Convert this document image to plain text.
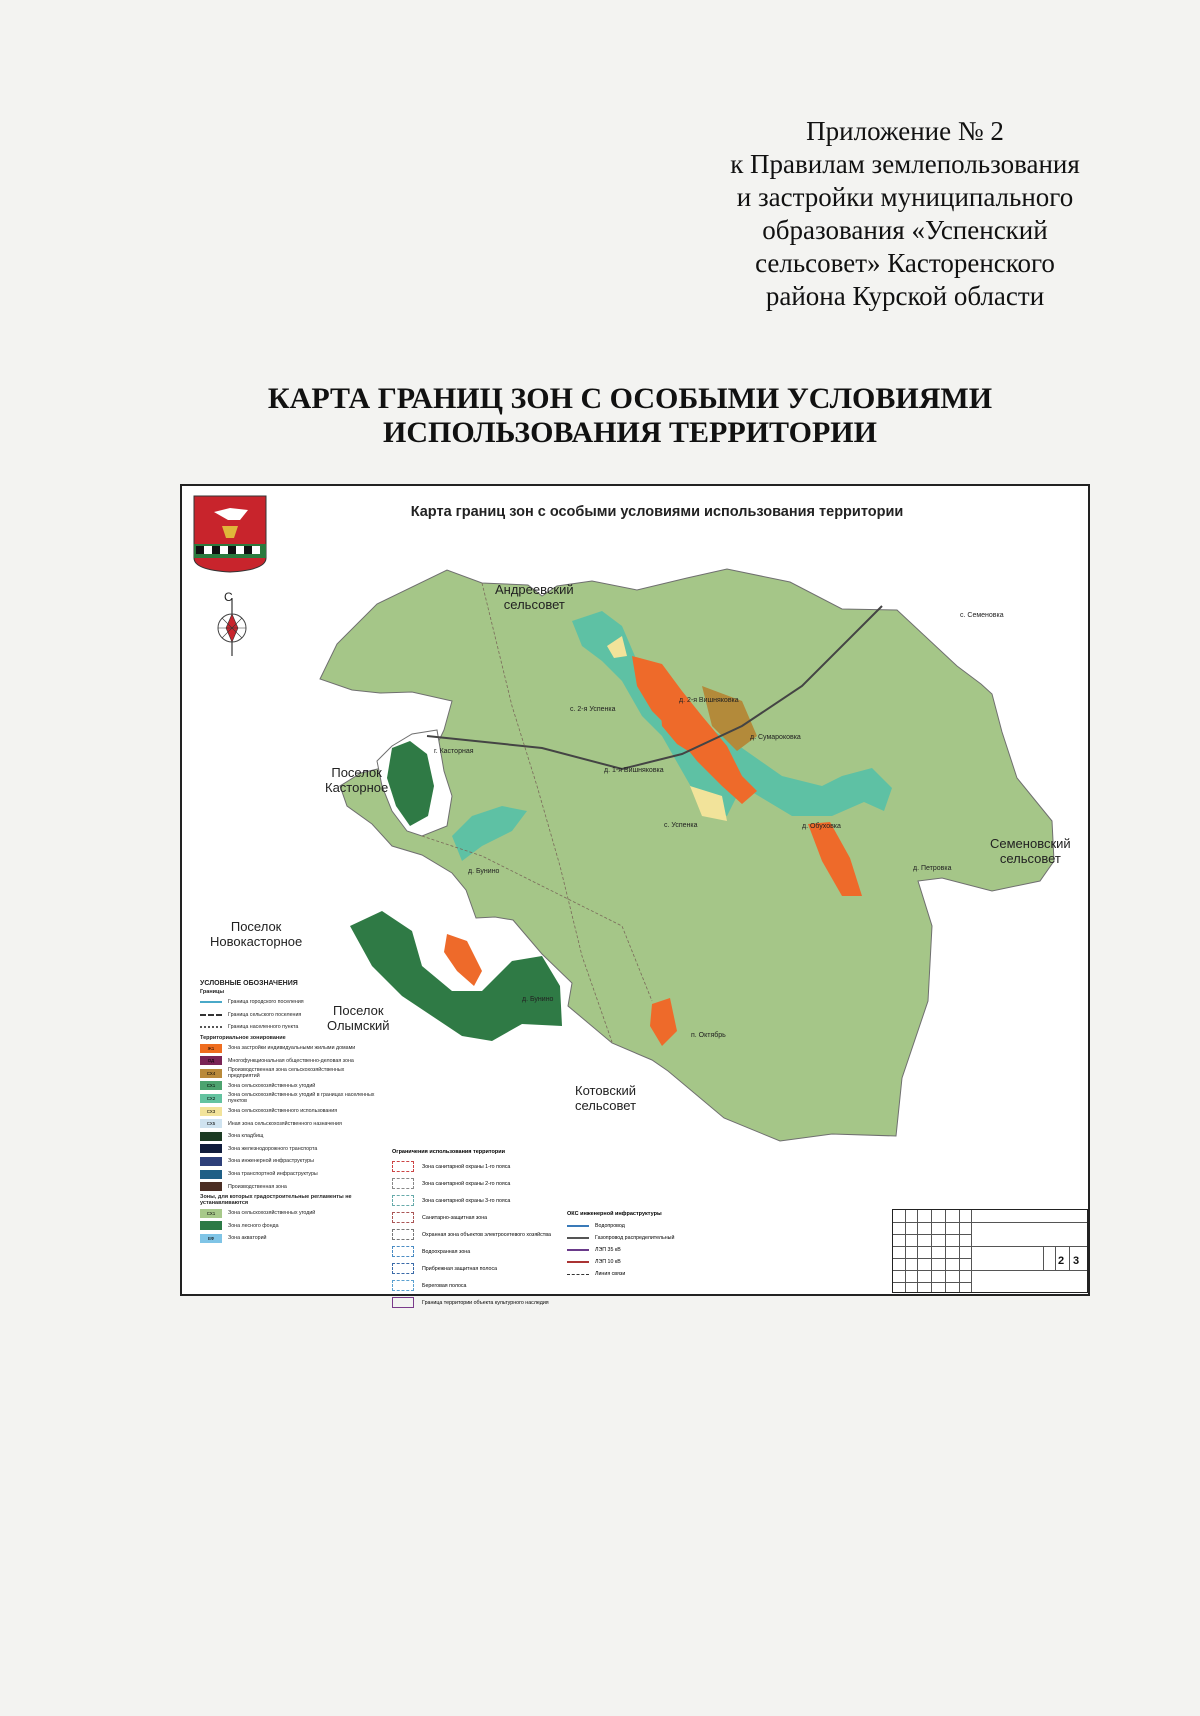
Приложение № 2
к Правилам землепользования
и застройки муниципального
образования «Успенский
сельсовет» Касторенского
района Курской области
КАРТА ГРАНИЦ ЗОН С ОСОБЫМИ УСЛОВИЯМИ
ИСПОЛЬЗОВАНИЯ ТЕРРИТОРИИ
Карта границ зон с особыми условиями использования территории
С	Андреевский
сельсовет
Поселок
Касторное
Поселок
Новокасторное
Поселок
Олымский
Семеновский
сельсовет
Котовский
сельсовет
с. 2-я Успенка
д. 2-я Вишняковка
д. Сумароковка
д. 1-я Вишняковка
с. Успенка	д. Обуховка
д. Петровка
д. Бунино
д. Бунино
п. Октябрь
г. Касторная
с. Семеновка
УСЛОВНЫЕ ОБОЗНАЧЕНИЯ
Границы
Граница городского поселения
Граница сельского поселения
Граница населенного пункта
Территориальное зонирование
Ж1	Зона застройки индивидуальными жилыми домами
ОД	Многофункциональная общественно-деловая зона
СХ4	Производственная зона сельскохозяйственных предприятий
СХ1	Зона сельскохозяйственных угодий
СХ2	Зона сельскохозяйственных угодий в границах населенных пунктов
СХ3	Зона сельскохозяйственного использования
СХ5	Иная зона сельскохозяйственного назначения
Зона кладбищ
Зона железнодорожного транспорта
Зона инженерной инфраструктуры
Зона транспортной инфраструктуры
Производственная зона
Зоны, для которых градостроительные регламенты не устанавливаются
СХ1	Зона сельскохозяйственных угодий
Зона лесного фонда
ВФ	Зона акваторий
Ограничения использования территории
Зона санитарной охраны 1-го пояса
Зона санитарной охраны 2-го пояса
Зона санитарной охраны 3-го пояса
Санитарно-защитная зона
Охранная зона объектов электросетевого хозяйства
Водоохранная зона
Прибрежная защитная полоса
Береговая полоса
Граница территории объекта культурного наследия
ОКС инженерной инфраструктуры
Водопровод
Газопровод распределительный
ЛЭП 35 кВ
ЛЭП 10 кВ
Линия связи
2 3
